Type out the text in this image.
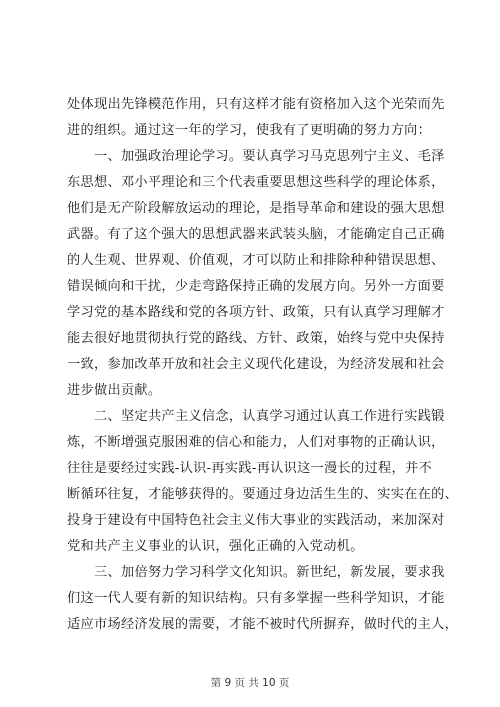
处体现出先锋模范作用，只有这样才能有资格加入这个光荣而先
进的组织。通过这一年的学习，使我有了更明确的努力方向：
一、加强政治理论学习。要认真学习马克思列宁主义、毛泽
东思想、邓小平理论和三个代表重要思想这些科学的理论体系，
他们是无产阶段解放运动的理论，是指导革命和建设的强大思想
武器。有了这个强大的思想武器来武装头脑，才能确定自己正确
的人生观、世界观、价值观，才可以防止和排除种种错误思想、
错误倾向和干扰，少走弯路保持正确的发展方向。另外一方面要
学习党的基本路线和党的各项方针、政策，只有认真学习理解才
能去很好地贯彻执行党的路线、方针、政策，始终与党中央保持
一致，参加改革开放和社会主义现代化建设，为经济发展和社会
进步做出贡献。
二、坚定共产主义信念，认真学习通过认真工作进行实践锻
炼，不断增强克服困难的信心和能力，人们对事物的正确认识，
往往是要经过实践-认识-再实践-再认识这一漫长的过程，并不
断循环往复，才能够获得的。要通过身边活生生的、实实在在的、
投身于建设有中国特色社会主义伟大事业的实践活动，来加深对
党和共产主义事业的认识，强化正确的入党动机。
三、加倍努力学习科学文化知识。新世纪，新发展，要求我
们这一代人要有新的知识结构。只有多掌握一些科学知识，才能
适应市场经济发展的需要，才能不被时代所摒弃，做时代的主人，
第 9 页 共 10 页
